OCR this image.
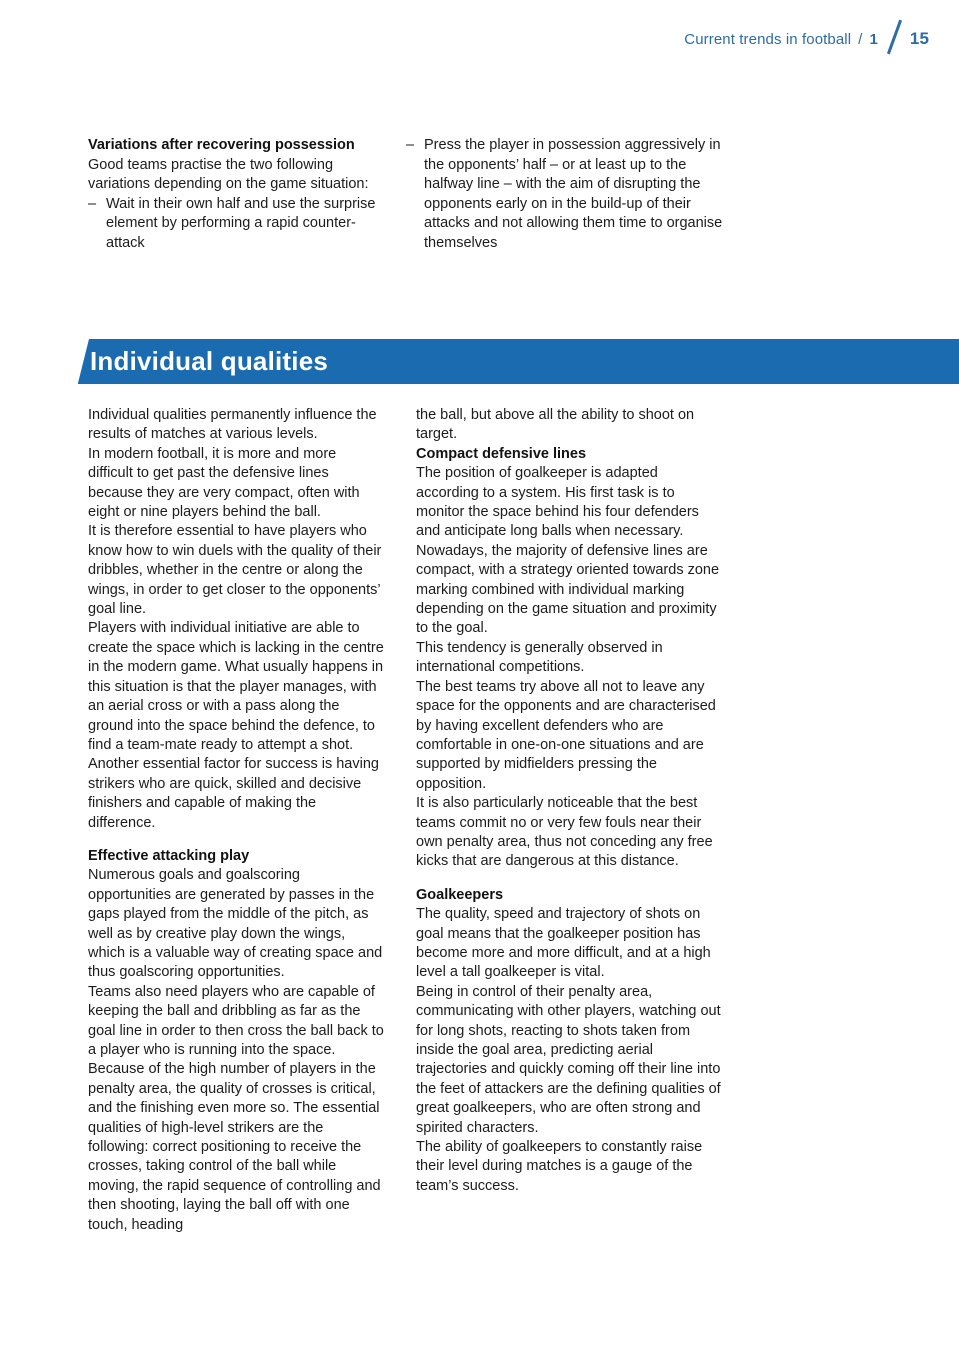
Current trends in football / 1 15
Variations after recovering possession
Good teams practise the two following variations depending on the game situation:
– Wait in their own half and use the surprise element by performing a rapid counter-attack
– Press the player in possession aggressively in the opponents’ half – or at least up to the halfway line – with the aim of disrupting the opponents early on in the build-up of their attacks and not allowing them time to organise themselves
Individual qualities

Individual qualities permanently influence the results of matches at various levels.

In modern football, it is more and more difficult to get past the defensive lines because they are very compact, often with eight or nine players behind the ball.

It is therefore essential to have players who know how to win duels with the quality of their dribbles, whether in the centre or along the wings, in order to get closer to the opponents’ goal line.

Players with individual initiative are able to create the space which is lacking in the centre in the modern game. What usually happens in this situation is that the player manages, with an aerial cross or with a pass along the ground into the space behind the defence, to find a team-mate ready to attempt a shot.

Another essential factor for success is having strikers who are quick, skilled and decisive finishers and capable of making the difference.

Effective attacking play

Numerous goals and goalscoring opportunities are generated by passes in the gaps played from the middle of the pitch, as well as by creative play down the wings, which is a valuable way of creating space and thus goalscoring opportunities.

Teams also need players who are capable of keeping the ball and dribbling as far as the goal line in order to then cross the ball back to a player who is running into the space. Because of the high number of players in the penalty area, the quality of crosses is critical, and the finishing even more so. The essential qualities of high-level strikers are the following: correct positioning to receive the crosses, taking control of the ball while moving, the rapid sequence of controlling and then shooting, laying the ball off with one touch, heading

the ball, but above all the ability to shoot on target.

Compact defensive lines

The position of goalkeeper is adapted according to a system. His first task is to monitor the space behind his four defenders and anticipate long balls when necessary.

Nowadays, the majority of defensive lines are compact, with a strategy oriented towards zone marking combined with individual marking depending on the game situation and proximity to the goal.

This tendency is generally observed in international competitions.

The best teams try above all not to leave any space for the opponents and are characterised by having excellent defenders who are comfortable in one-on-one situations and are supported by midfielders pressing the opposition.

It is also particularly noticeable that the best teams commit no or very few fouls near their own penalty area, thus not conceding any free kicks that are dangerous at this distance.

Goalkeepers

The quality, speed and trajectory of shots on goal means that the goalkeeper position has become more and more difficult, and at a high level a tall goalkeeper is vital.

Being in control of their penalty area, communicating with other players, watching out for long shots, reacting to shots taken from inside the goal area, predicting aerial trajectories and quickly coming off their line into the feet of attackers are the defining qualities of great goalkeepers, who are often strong and spirited characters.

The ability of goalkeepers to constantly raise their level during matches is a gauge of the team’s success.
